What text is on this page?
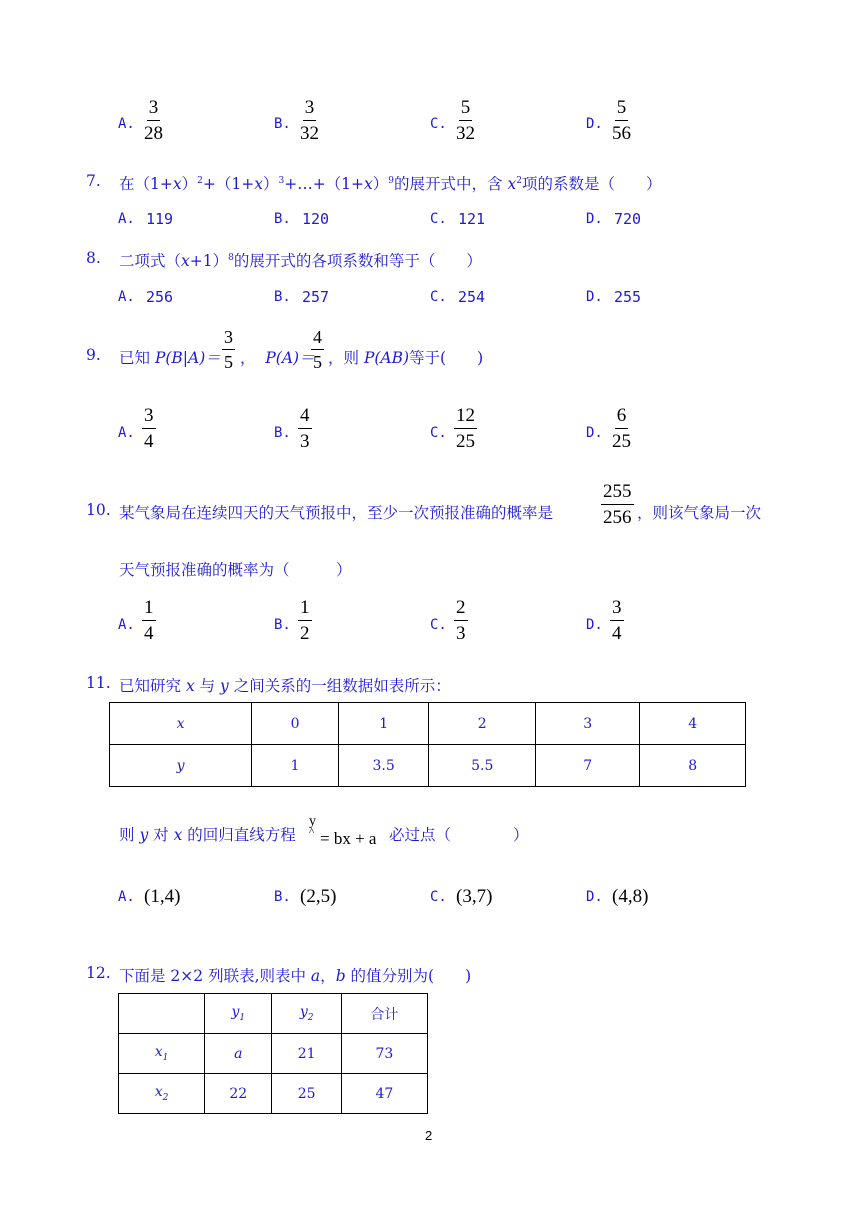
A. $\frac{3}{28}$	B. $\frac{3}{32}$	C. $\frac{5}{32}$	D. $\frac{5}{56}$
7. 在$(1+x)^2+(1+x)^3+\dots+(1+x)^9$的展开式中，含 $x^2$项的系数是（　　）
A. 119	B. 120	C. 121	D. 720
8. 二项式$(x+1)^8$的展开式的各项系数和等于（　　）
A. 256	B. 257	C. 254	D. 255
9. 已知 $P(B|A)= \frac{3}{5}$ ， P(A)＝
$\frac{4}{5}$ ，则 P(AB)等于(　　)
A. $\frac{3}{4}$	B. $\frac{4}{3}$	C. $\frac{12}{25}$	D. $\frac{6}{25}$
10. 某气象局在连续四天的天气预报中，至少一次预报准确的概率是	$\frac{255}{256}$ ，则该气象局一次
天气预报准确的概率为（　　　）
A. $\frac{1}{4}$	B. $\frac{1}{2}$	C. $\frac{2}{3}$	D. $\frac{3}{4}$
11. 已知研究 x 与 y 之间关系的一组数据如表所示：
x	0	1	2	3	4
y	1	3.5	5.5	7	8
则 y 对 x 的回归直线方程
y
^ = bx + a 必过点（　　　　）
A. (1,4)	B. (2,5)	C. (3,7)	D. (4,8)
12. 下面是 2×2 列联表,则表中 a，b 的值分别为(　　)
	$y_1$	$y_2$	合计
$x_1$	a	21	73
$x_2$	22	25	47
2
